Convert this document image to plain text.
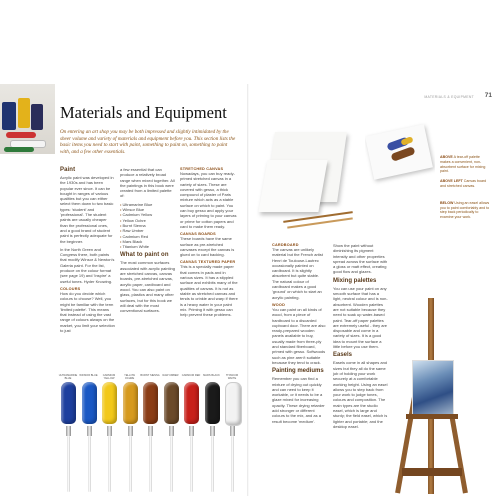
Materials and Equipment
On entering an art shop you may be both impressed and slightly intimidated by the sheer volume and variety of materials and equipment before you. This section lists the basic items you need to start with paint, something to paint on, something to paint with, and a few other essentials.
Paint

Acrylic paint was developed in the 1930s and has been popular ever since. It can be bought in ranges of various qualities but you can either select them down to two basic types: 'student' and 'professional'. The student paints are usually cheaper than the professional ones, and a good brand of student paint is perfectly adequate for the beginner.

In the North Green and Congress there, both paints that modify Winsor & Newton's Galeria paint. For the list, produce on the colour format (see page 19) and 'Inspire' a useful tones. Hyder Knowing.

COLOURS

How do you decide which colours to choose? Well, you might be familiar with the term 'limited palette'. This means that instead of using the vast range of colours always on the market, you limit your selection to just

a few essential that can produce a relatively broad range when mixed together. All the paintings in this book were created from a limited palette of:

• Ultramarine Blue
• Winsor Blue
• Cadmium Yellow
• Yellow Ochre
• Burnt Sienna
• Raw Umber
• Cadmium Red
• Mars Black
• Titanium White
What to paint on

The most common surfaces associated with acrylic painting are stretched canvas, canvas boards, pre-stretched canvas, acrylic paper, cardboard and wood. You can also paint on glass, plastics and many other surfaces, but for this book we will deal with the most conventional surfaces.

STRETCHED CANVAS

Nowadays, you can buy ready-primed stretched canvas in a variety of sizes. These are covered with gesso, a thick compound of plaster of Paris mixture which acts as a stable surface on which to paint. You can buy gesso and apply your layers of priming to your canvas or prime for cotton papers and card to make them ready.

CANVAS BOARDS

These boards have the same surface as pre-stretched canvases except the canvas is glued on to card backing.

CANVAS TEXTURED PAPER

This is a specially made paper that comes in pads and in various sizes. It has a stippled surface and exhibits many of the qualities of canvas. It is not as stable as stretched canvas and tends to crinkle and warp if there is a heavy water in your paint mix. Priming it with gesso can help prevent these problems.

ULTRAMARINE BLUE
WINSOR BLUE	CADMIUM YELLOW
YELLOW OCHRE
BURNT SIENNA	RAW UMBER	CADMIUM RED	MARS BLACK	TITANIUM WHITE
MATERIALS & EQUIPMENT 71
CARDBOARD

The canvas are unlikely material but the French artist Henri de Toulouse-Lautrec occasionally painted on cardboard. It is slightly absorbent but quite stable. The natural colour of cardboard makes a good 'ground' on which to start an acrylic painting.

WOOD

You can paint on all kinds of wood, from a piece of hardboard to a discarded cupboard door. There are also ready-prepared wooden panels available to buy, usually made from three-ply and standard fiberboard, primed with gesso. Softwoods such as pine aren't suitable because they tend to crack.

Painting mediums

Remember you can find a mixture of drying out quickly and can need to keep it workable, or it needs to be a glaze mixed for increasing opacity. These drying retarder add stronger or different colours to the mix, and as a result become 'medium'.

Show the paint without diminishing its pigment intensity and other properties spread across the surface with a gloss or matt effect, creating good flow and glazes.

Mixing palettes

You can use your paint on any smooth surface that has a light, neutral colour and is non-absorbent. Wooden palettes are not suitable because they need to soak up water-based paint. Tear-off paper palettes are extremely useful - they are disposable and come in a variety of sizes. It is a good idea to mount the surface a little before you use them.

Easels

Easels come in all shapes and sizes but they all do the same job of holding your work securely at a comfortable working height. Using an easel allows you to step back from your work to judge tones, colours and composition. The main types are the studio easel, which is large and sturdy; the field easel, which is lighter and portable; and the desktop easel.

ABOVE A tear-off palette makes a convenient, non-absorbent surface for mixing paint.

ABOVE LEFT Canvas board and stretched canvas.

BELOW Using an easel allows you to paint comfortably and to step back periodically to examine your work.
